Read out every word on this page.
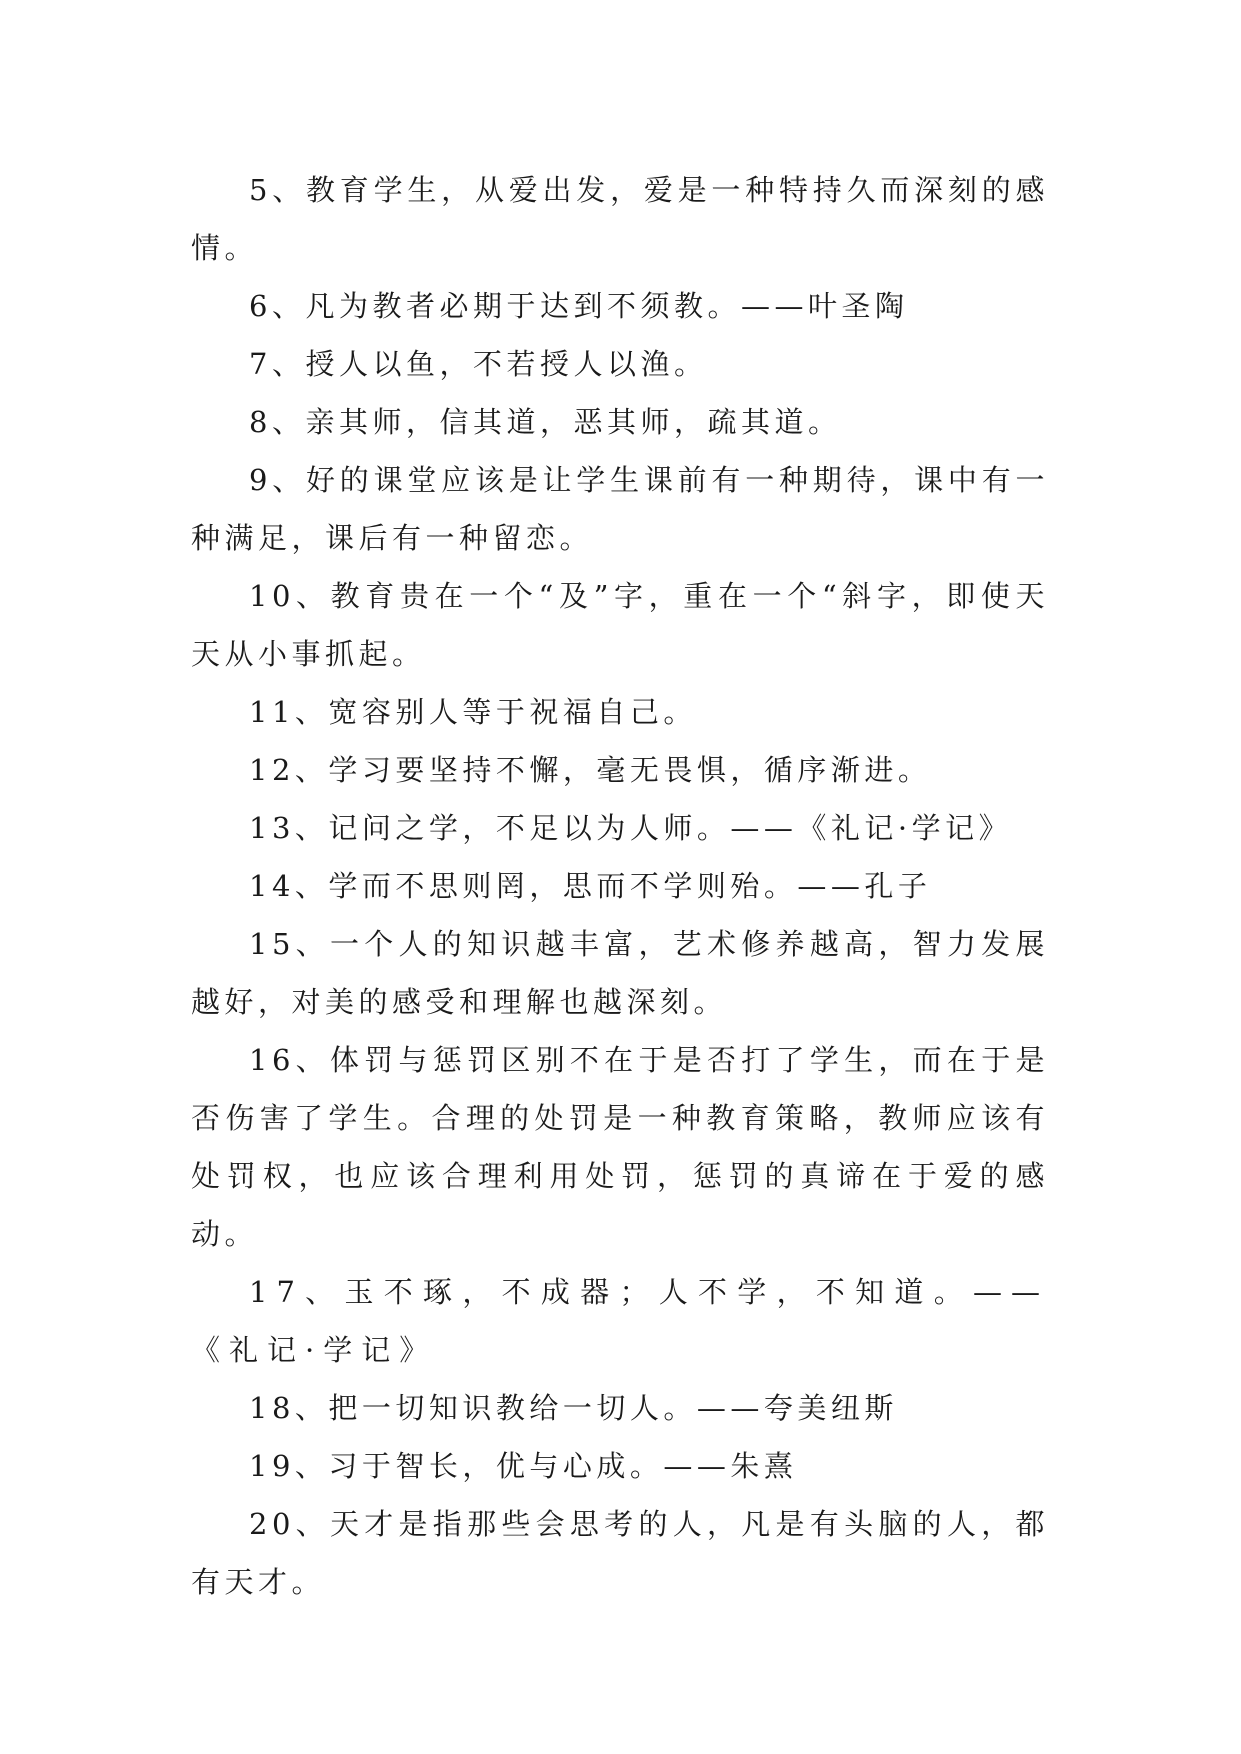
5、教育学生，从爱出发，爱是一种特持久而深刻的感情。

6、凡为教者必期于达到不须教。——叶圣陶

7、授人以鱼，不若授人以渔。

8、亲其师，信其道，恶其师，疏其道。

9、好的课堂应该是让学生课前有一种期待，课中有一种满足，课后有一种留恋。

10、教育贵在一个“及”字，重在一个“斜字，即使天天从小事抓起。

11、宽容别人等于祝福自己。

12、学习要坚持不懈，毫无畏惧，循序渐进。

13、记问之学，不足以为人师。——《礼记·学记》

14、学而不思则罔，思而不学则殆。——孔子

15、一个人的知识越丰富，艺术修养越高，智力发展越好，对美的感受和理解也越深刻。

16、体罚与惩罚区别不在于是否打了学生，而在于是否伤害了学生。合理的处罚是一种教育策略，教师应该有处罚权，也应该合理利用处罚，惩罚的真谛在于爱的感动。

17、玉不琢，不成器；人不学，不知道。——《礼记·学记》

18、把一切知识教给一切人。——夸美纽斯

19、习于智长，优与心成。——朱熹

20、天才是指那些会思考的人，凡是有头脑的人，都有天才。
